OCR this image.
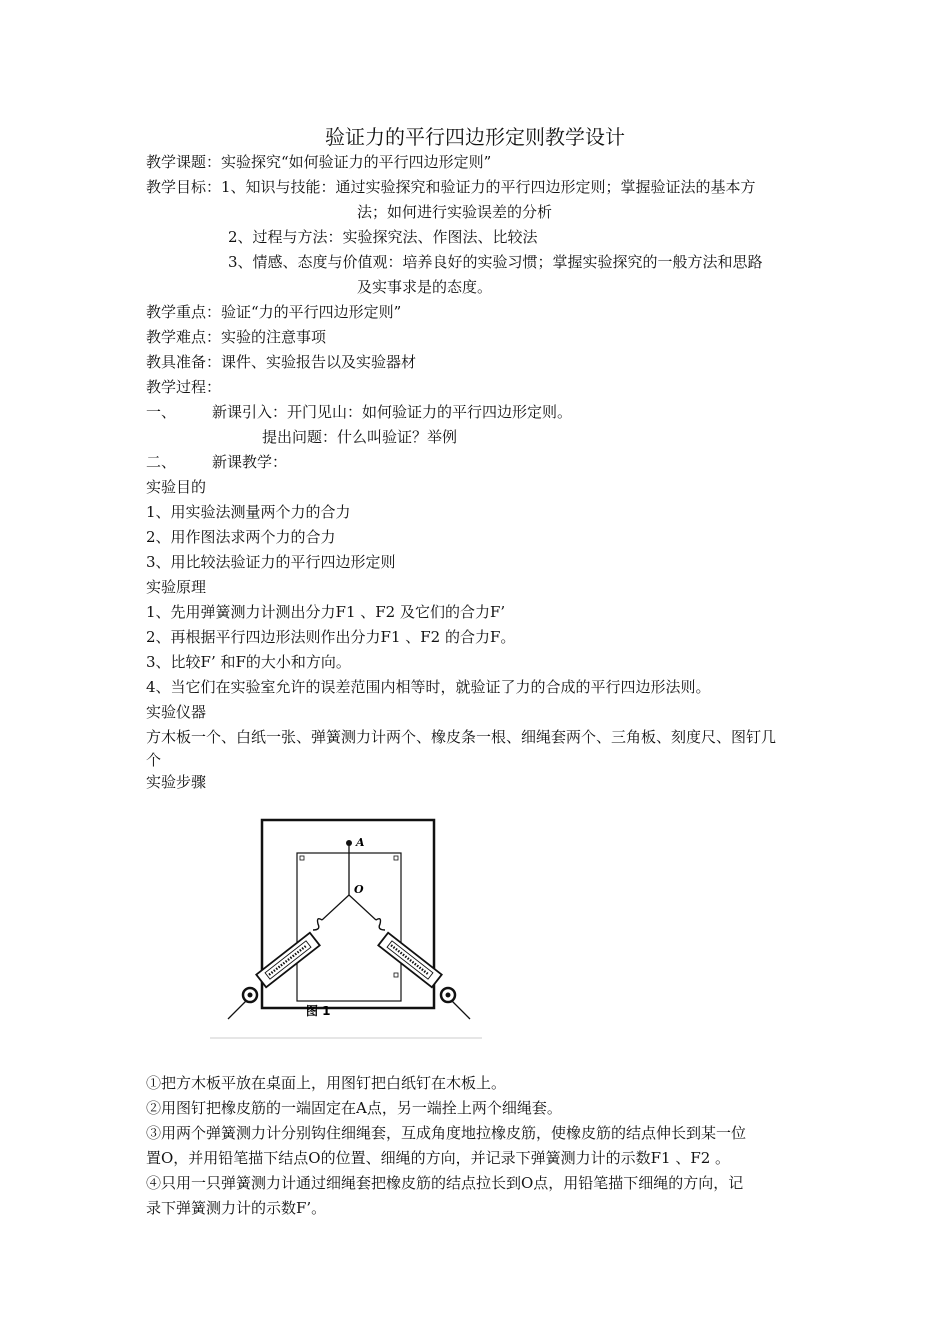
验证力的平行四边形定则教学设计
教学课题：实验探究“如何验证力的平行四边形定则”
教学目标：1、知识与技能：通过实验探究和验证力的平行四边形定则；掌握验证法的基本方
法；如何进行实验误差的分析
2、过程与方法：实验探究法、作图法、比较法
3、情感、态度与价值观：培养良好的实验习惯；掌握实验探究的一般方法和思路
及实事求是的态度。
教学重点：验证“力的平行四边形定则”
教学难点：实验的注意事项
教具准备：课件、实验报告以及实验器材
教学过程：
一、 新课引入：开门见山：如何验证力的平行四边形定则。
提出问题：什么叫验证？举例
二、 新课教学：
实验目的
1、用实验法测量两个力的合力
2、用作图法求两个力的合力
3、用比较法验证力的平行四边形定则
实验原理
1、先用弹簧测力计测出分力F1 、F2 及它们的合力F’
2、再根据平行四边形法则作出分力F1 、F2 的合力F。
3、比较F’ 和F的大小和方向。
4、当它们在实验室允许的误差范围内相等时，就验证了力的合成的平行四边形法则。
实验仪器
方木板一个、白纸一张、弹簧测力计两个、橡皮条一根、细绳套两个、三角板、刻度尺、图钉几
个
实验步骤
A
O
图 1
①把方木板平放在桌面上，用图钉把白纸钉在木板上。
②用图钉把橡皮筋的一端固定在A点，另一端拴上两个细绳套。
③用两个弹簧测力计分别钩住细绳套，互成角度地拉橡皮筋，使橡皮筋的结点伸长到某一位
置O，并用铅笔描下结点O的位置、细绳的方向，并记录下弹簧测力计的示数F1 、F2 。
④只用一只弹簧测力计通过细绳套把橡皮筋的结点拉长到O点，用铅笔描下细绳的方向，记
录下弹簧测力计的示数F’。
